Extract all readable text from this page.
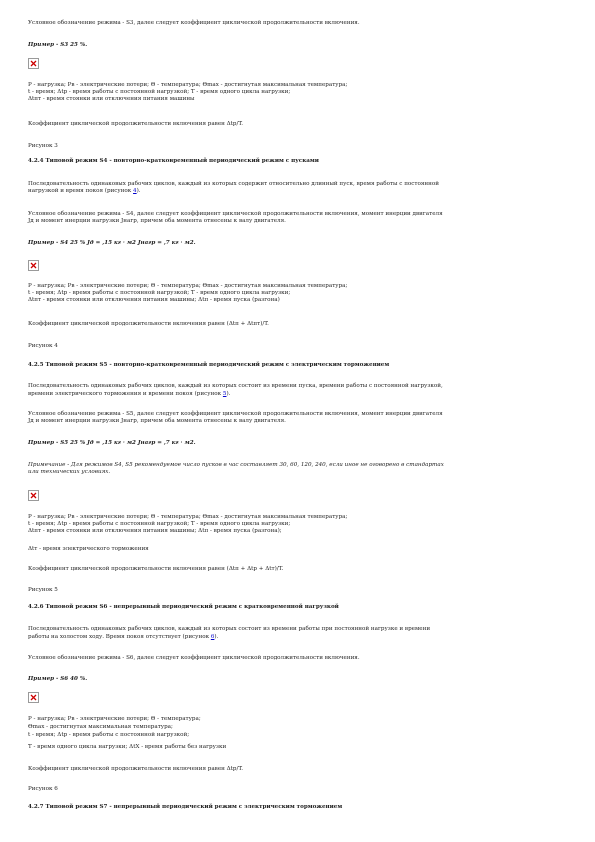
Условное обозначение режима - S3, далее следует коэффициент циклической продолжительности включения.
Пример - S3 25 %.
P - нагрузка; Pв - электрические потери; Θ - температура; Θmax - достигнутая максимальная температура;
t - время; Δtp - время работы с постоянной нагрузкой; T - время одного цикла нагрузки;
Δtпт - время стоянки или отключения питания машины
Коэффициент циклической продолжительности включения равен Δtp/T.
Рисунок 3
4.2.4 Типовой режим S4 - повторно-кратковременный периодический режим с пусками
Последовательность одинаковых рабочих циклов, каждый из которых содержит относительно длинный пуск, время работы с постоянной
нагрузкой и время покоя (рисунок 4).
Условное обозначение режима - S4, далее следует коэффициент циклической продолжительности включения, момент инерции двигателя
Jд и момент инерции нагрузки Jнагр, причем оба момента отнесены к валу двигателя.
Пример - S4 25 % Jд = ,15 кг · м2 Jнагр = ,7 кг · м2.
P - нагрузка; Pв - электрические потери; Θ - температура; Θmax - достигнутая максимальная температура;
t - время; Δtp - время работы с постоянной нагрузкой; T - время одного цикла нагрузки;
Δtпт - время стоянки или отключения питания машины; Δtп - время пуска (разгона)
Коэффициент циклической продолжительности включения равен (Δtп + Δtпт)/T.
Рисунок 4
4.2.5 Типовой режим S5 - повторно-кратковременный периодический режим с электрическим торможением
Последовательность одинаковых рабочих циклов, каждый из которых состоит из времени пуска, времени работы с постоянной нагрузкой,
времени электрического торможения и времени покоя (рисунок 5).
Условное обозначение режима - S5, далее следует коэффициент циклической продолжительности включения, момент инерции двигателя
Jд и момент инерции нагрузки Jнагр, причем оба момента отнесены к валу двигателя.
Пример - S5 25 % Jд = ,15 кг · м2 Jнагр = ,7 кг · м2.
Примечание - Для режимов S4, S5 рекомендуемое число пусков в час составляет 30, 60, 120, 240, если иное не оговорено в стандартах
или технических условиях.
P - нагрузка; Pв - электрические потери; Θ - температура; Θmax - достигнутая максимальная температура;
t - время; Δtp - время работы с постоянной нагрузкой; T - время одного цикла нагрузки;
Δtпт - время стоянки или отключения питания машины; Δtп - время пуска (разгона);
Δtт - время электрического торможения
Коэффициент циклической продолжительности включения равен (Δtп + Δtp + Δtт)/T.
Рисунок 5
4.2.6 Типовой режим S6 - непрерывный периодический режим с кратковременной нагрузкой
Последовательность одинаковых рабочих циклов, каждый из которых состоит из времени работы при постоянной нагрузке и времени
работы на холостом ходу. Время покоя отсутствует (рисунок 6).
Условное обозначение режима - S6, далее следует коэффициент циклической продолжительности включения.
Пример - S6 40 %.
P - нагрузка; Pв - электрические потери; Θ - температура;
Θmax - достигнутая максимальная температура;
t - время; Δtp - время работы с постоянной нагрузкой;
T - время одного цикла нагрузки; ΔtХ - время работы без нагрузки
Коэффициент циклической продолжительности включения равен Δtp/T.
Рисунок 6
4.2.7 Типовой режим S7 - непрерывный периодический режим с электрическим торможением
